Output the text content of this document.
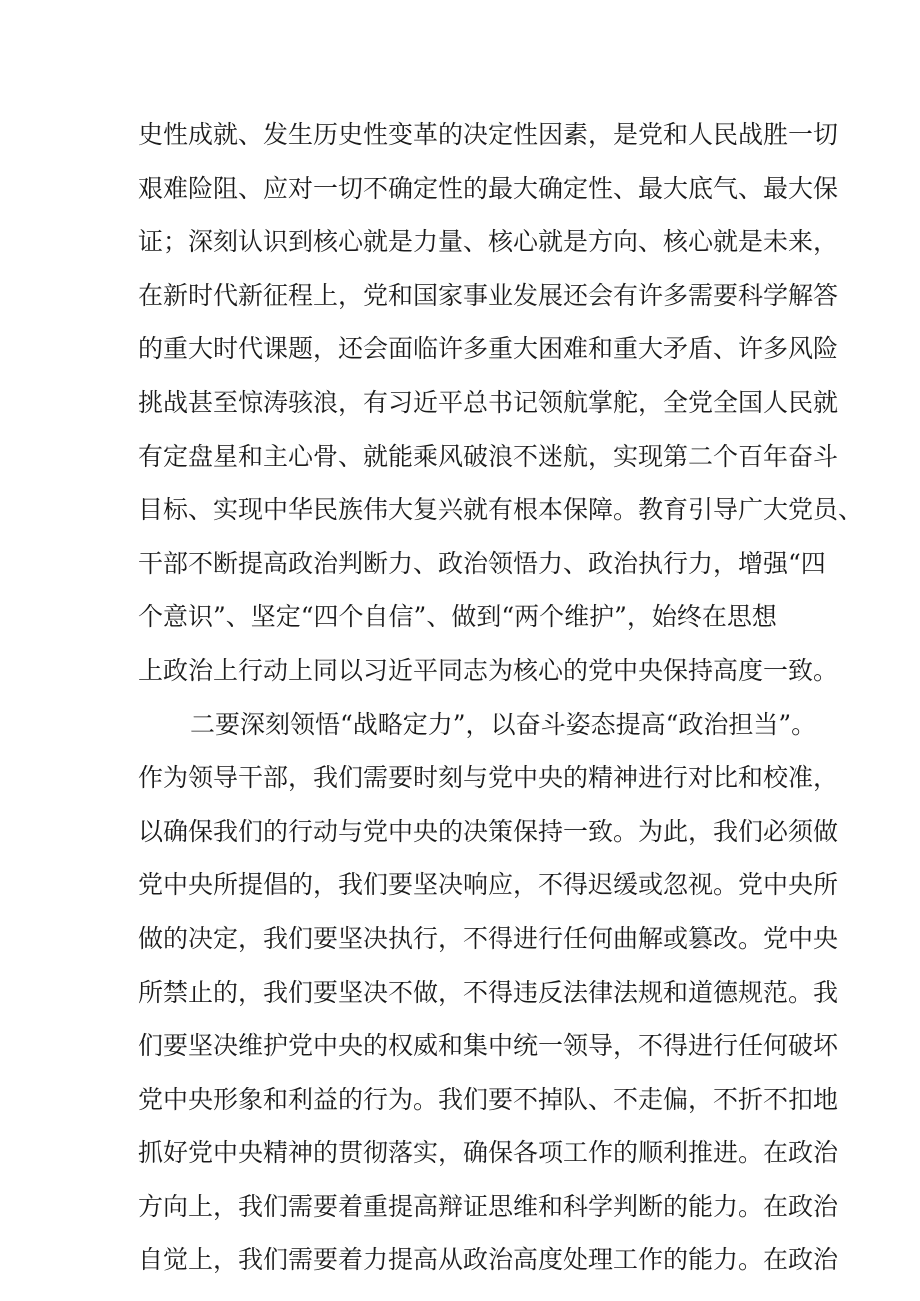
史性成就、发生历史性变革的决定性因素，是党和人民战胜一切
艰难险阻、应对一切不确定性的最大确定性、最大底气、最大保
证；深刻认识到核心就是力量、核心就是方向、核心就是未来，
在新时代新征程上，党和国家事业发展还会有许多需要科学解答
的重大时代课题，还会面临许多重大困难和重大矛盾、许多风险
挑战甚至惊涛骇浪，有习近平总书记领航掌舵，全党全国人民就
有定盘星和主心骨、就能乘风破浪不迷航，实现第二个百年奋斗
目标、实现中华民族伟大复兴就有根本保障。教育引导广大党员、
干部不断提高政治判断力、政治领悟力、政治执行力，增强“四
个意识”、坚定“四个自信”、做到“两个维护”，始终在思想
上政治上行动上同以习近平同志为核心的党中央保持高度一致。
二要深刻领悟“战略定力”，以奋斗姿态提高“政治担当”。
作为领导干部，我们需要时刻与党中央的精神进行对比和校准，
以确保我们的行动与党中央的决策保持一致。为此，我们必须做
党中央所提倡的，我们要坚决响应，不得迟缓或忽视。党中央所
做的决定，我们要坚决执行，不得进行任何曲解或篡改。党中央
所禁止的，我们要坚决不做，不得违反法律法规和道德规范。我
们要坚决维护党中央的权威和集中统一领导，不得进行任何破坏
党中央形象和利益的行为。我们要不掉队、不走偏，不折不扣地
抓好党中央精神的贯彻落实，确保各项工作的顺利推进。在政治
方向上，我们需要着重提高辩证思维和科学判断的能力。在政治
自觉上，我们需要着力提高从政治高度处理工作的能力。在政治
